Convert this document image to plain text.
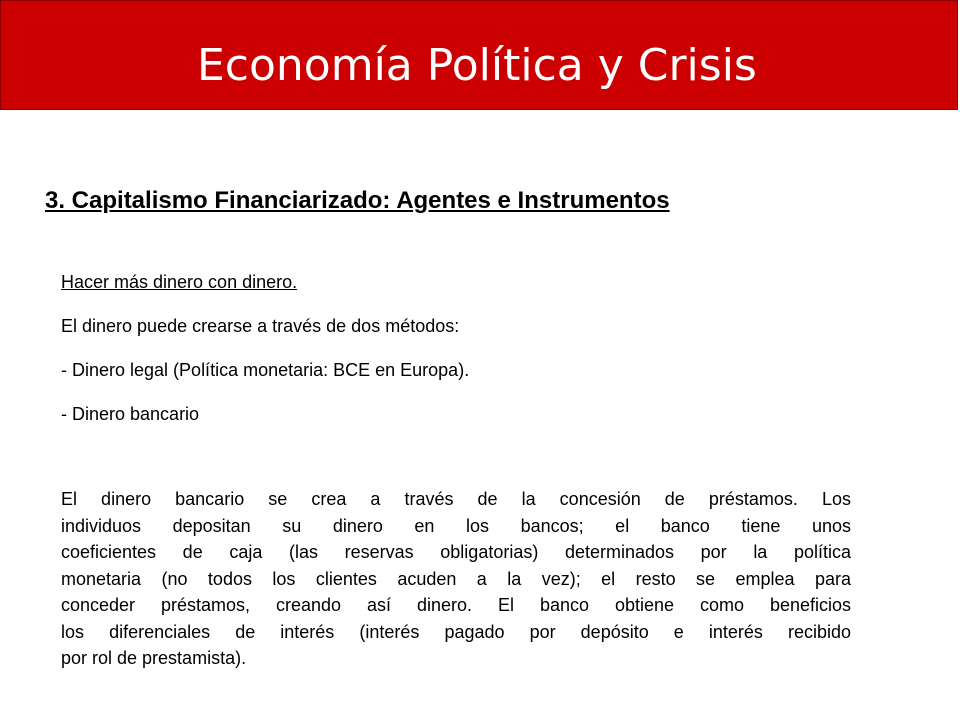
Economía Política y Crisis
3. Capitalismo Financiarizado: Agentes e Instrumentos

Hacer más dinero con dinero.

El dinero puede crearse a través de dos métodos:

- Dinero legal (Política monetaria: BCE en Europa).

- Dinero bancario

El dinero bancario se crea a través de la concesión de préstamos. Los
individuos depositan su dinero en los bancos; el banco tiene unos
coeficientes de caja (las reservas obligatorias) determinados por la política
monetaria (no todos los clientes acuden a la vez); el resto se emplea para
conceder préstamos, creando así dinero. El banco obtiene como beneficios
los diferenciales de interés (interés pagado por depósito e interés recibido
por rol de prestamista).
